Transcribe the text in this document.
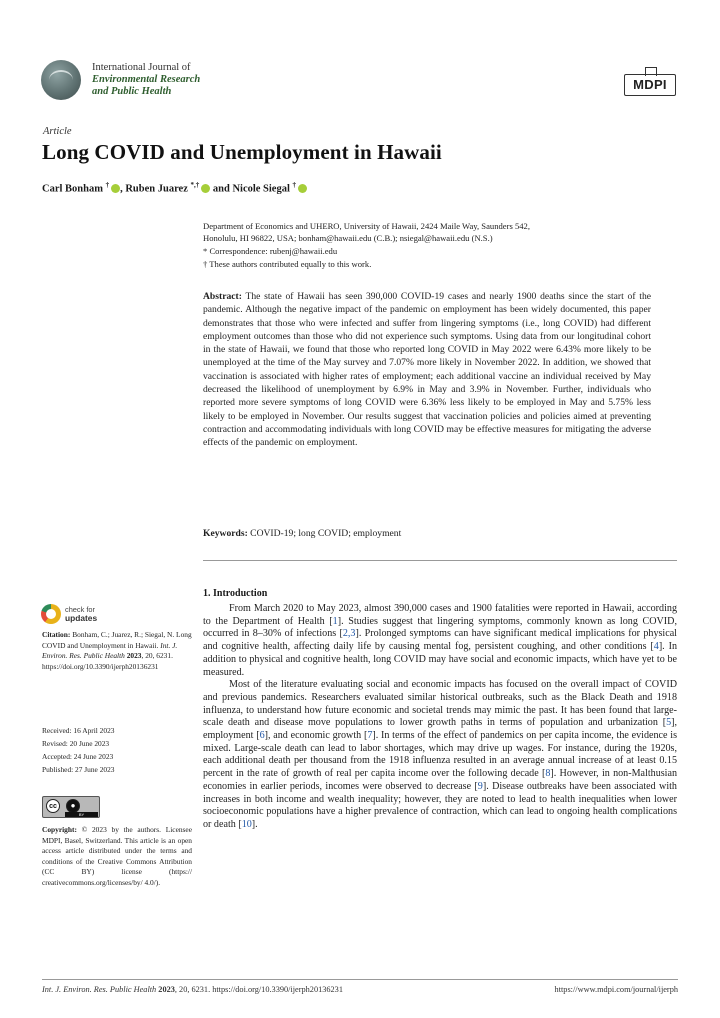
International Journal of
Environmental Research
and Public Health	MDPI
Article
Long COVID and Unemployment in Hawaii
Carl Bonham † , Ruben Juarez *,† and Nicole Siegal †
Department of Economics and UHERO, University of Hawaii, 2424 Maile Way, Saunders 542,
Honolulu, HI 96822, USA; bonham@hawaii.edu (C.B.); nsiegal@hawaii.edu (N.S.)
* Correspondence: rubenj@hawaii.edu
† These authors contributed equally to this work.
Abstract: The state of Hawaii has seen 390,000 COVID-19 cases and nearly 1900 deaths since the start of the pandemic. Although the negative impact of the pandemic on employment has been widely documented, this paper demonstrates that those who were infected and suffer from lingering symptoms (i.e., long COVID) had different employment outcomes than those who did not experience such symptoms. Using data from our longitudinal cohort in the state of Hawaii, we found that those who reported long COVID in May 2022 were 6.43% more likely to be unemployed at the time of the May survey and 7.07% more likely in November 2022. In addition, we showed that vaccination is associated with higher rates of employment; each additional vaccine an individual received by May decreased the likelihood of unemployment by 6.9% in May and 3.9% in November. Further, individuals who reported more severe symptoms of long COVID were 6.36% less likely to be employed in May and 5.75% less likely to be employed in November. Our results suggest that vaccination policies and policies aimed at preventing contraction and accommodating individuals with long COVID may be effective measures for mitigating the adverse effects of the pandemic on employment.
Keywords: COVID-19; long COVID; employment
1. Introduction

From March 2020 to May 2023, almost 390,000 cases and 1900 fatalities were reported in Hawaii, according to the Department of Health [1]. Studies suggest that lingering symptoms, commonly known as long COVID, occurred in 8–30% of infections [2,3]. Prolonged symptoms can have significant medical implications for physical and cognitive health, affecting daily life by causing mental fog, persistent coughing, and other conditions [4]. In addition to physical and cognitive health, long COVID may have social and economic impacts, which have yet to be measured.

Most of the literature evaluating social and economic impacts has focused on the overall impact of COVID and previous pandemics. Researchers evaluated similar historical outbreaks, such as the Black Death and 1918 influenza, to understand how future economic and societal trends may mimic the past. It has been found that large-scale death and disease move populations to lower growth paths in terms of population and urbanization [5], employment [6], and economic growth [7]. In terms of the effect of pandemics on per capita income, the evidence is mixed. Large-scale death can lead to labor shortages, which may drive up wages. For instance, during the 1920s, each additional death per thousand from the 1918 influenza resulted in an average annual increase of at least 0.15 percent in the rate of growth of real per capita income over the following decade [8]. However, in non-Malthusian economies in earlier periods, incomes were observed to decrease [9]. Disease outbreaks have been associated with increases in both income and wealth inequality; however, they are noted to lead to health inequalities when lower socioeconomic populations have a higher prevalence of contraction, which can lead to ongoing health complications or death [10].

check for
updates
Citation: Bonham, C.; Juarez, R.; Siegal, N. Long COVID and Unemployment in Hawaii. Int. J. Environ. Res. Public Health 2023, 20, 6231. https://doi.org/10.3390/ijerph20136231
Received: 16 April 2023
Revised: 20 June 2023
Accepted: 24 June 2023
Published: 27 June 2023
cc	●
BY
Copyright: © 2023 by the authors. Licensee MDPI, Basel, Switzerland. This article is an open access article distributed under the terms and conditions of the Creative Commons Attribution (CC BY) license (https:// creativecommons.org/licenses/by/ 4.0/).
Int. J. Environ. Res. Public Health 2023, 20, 6231. https://doi.org/10.3390/ijerph20136231	https://www.mdpi.com/journal/ijerph
